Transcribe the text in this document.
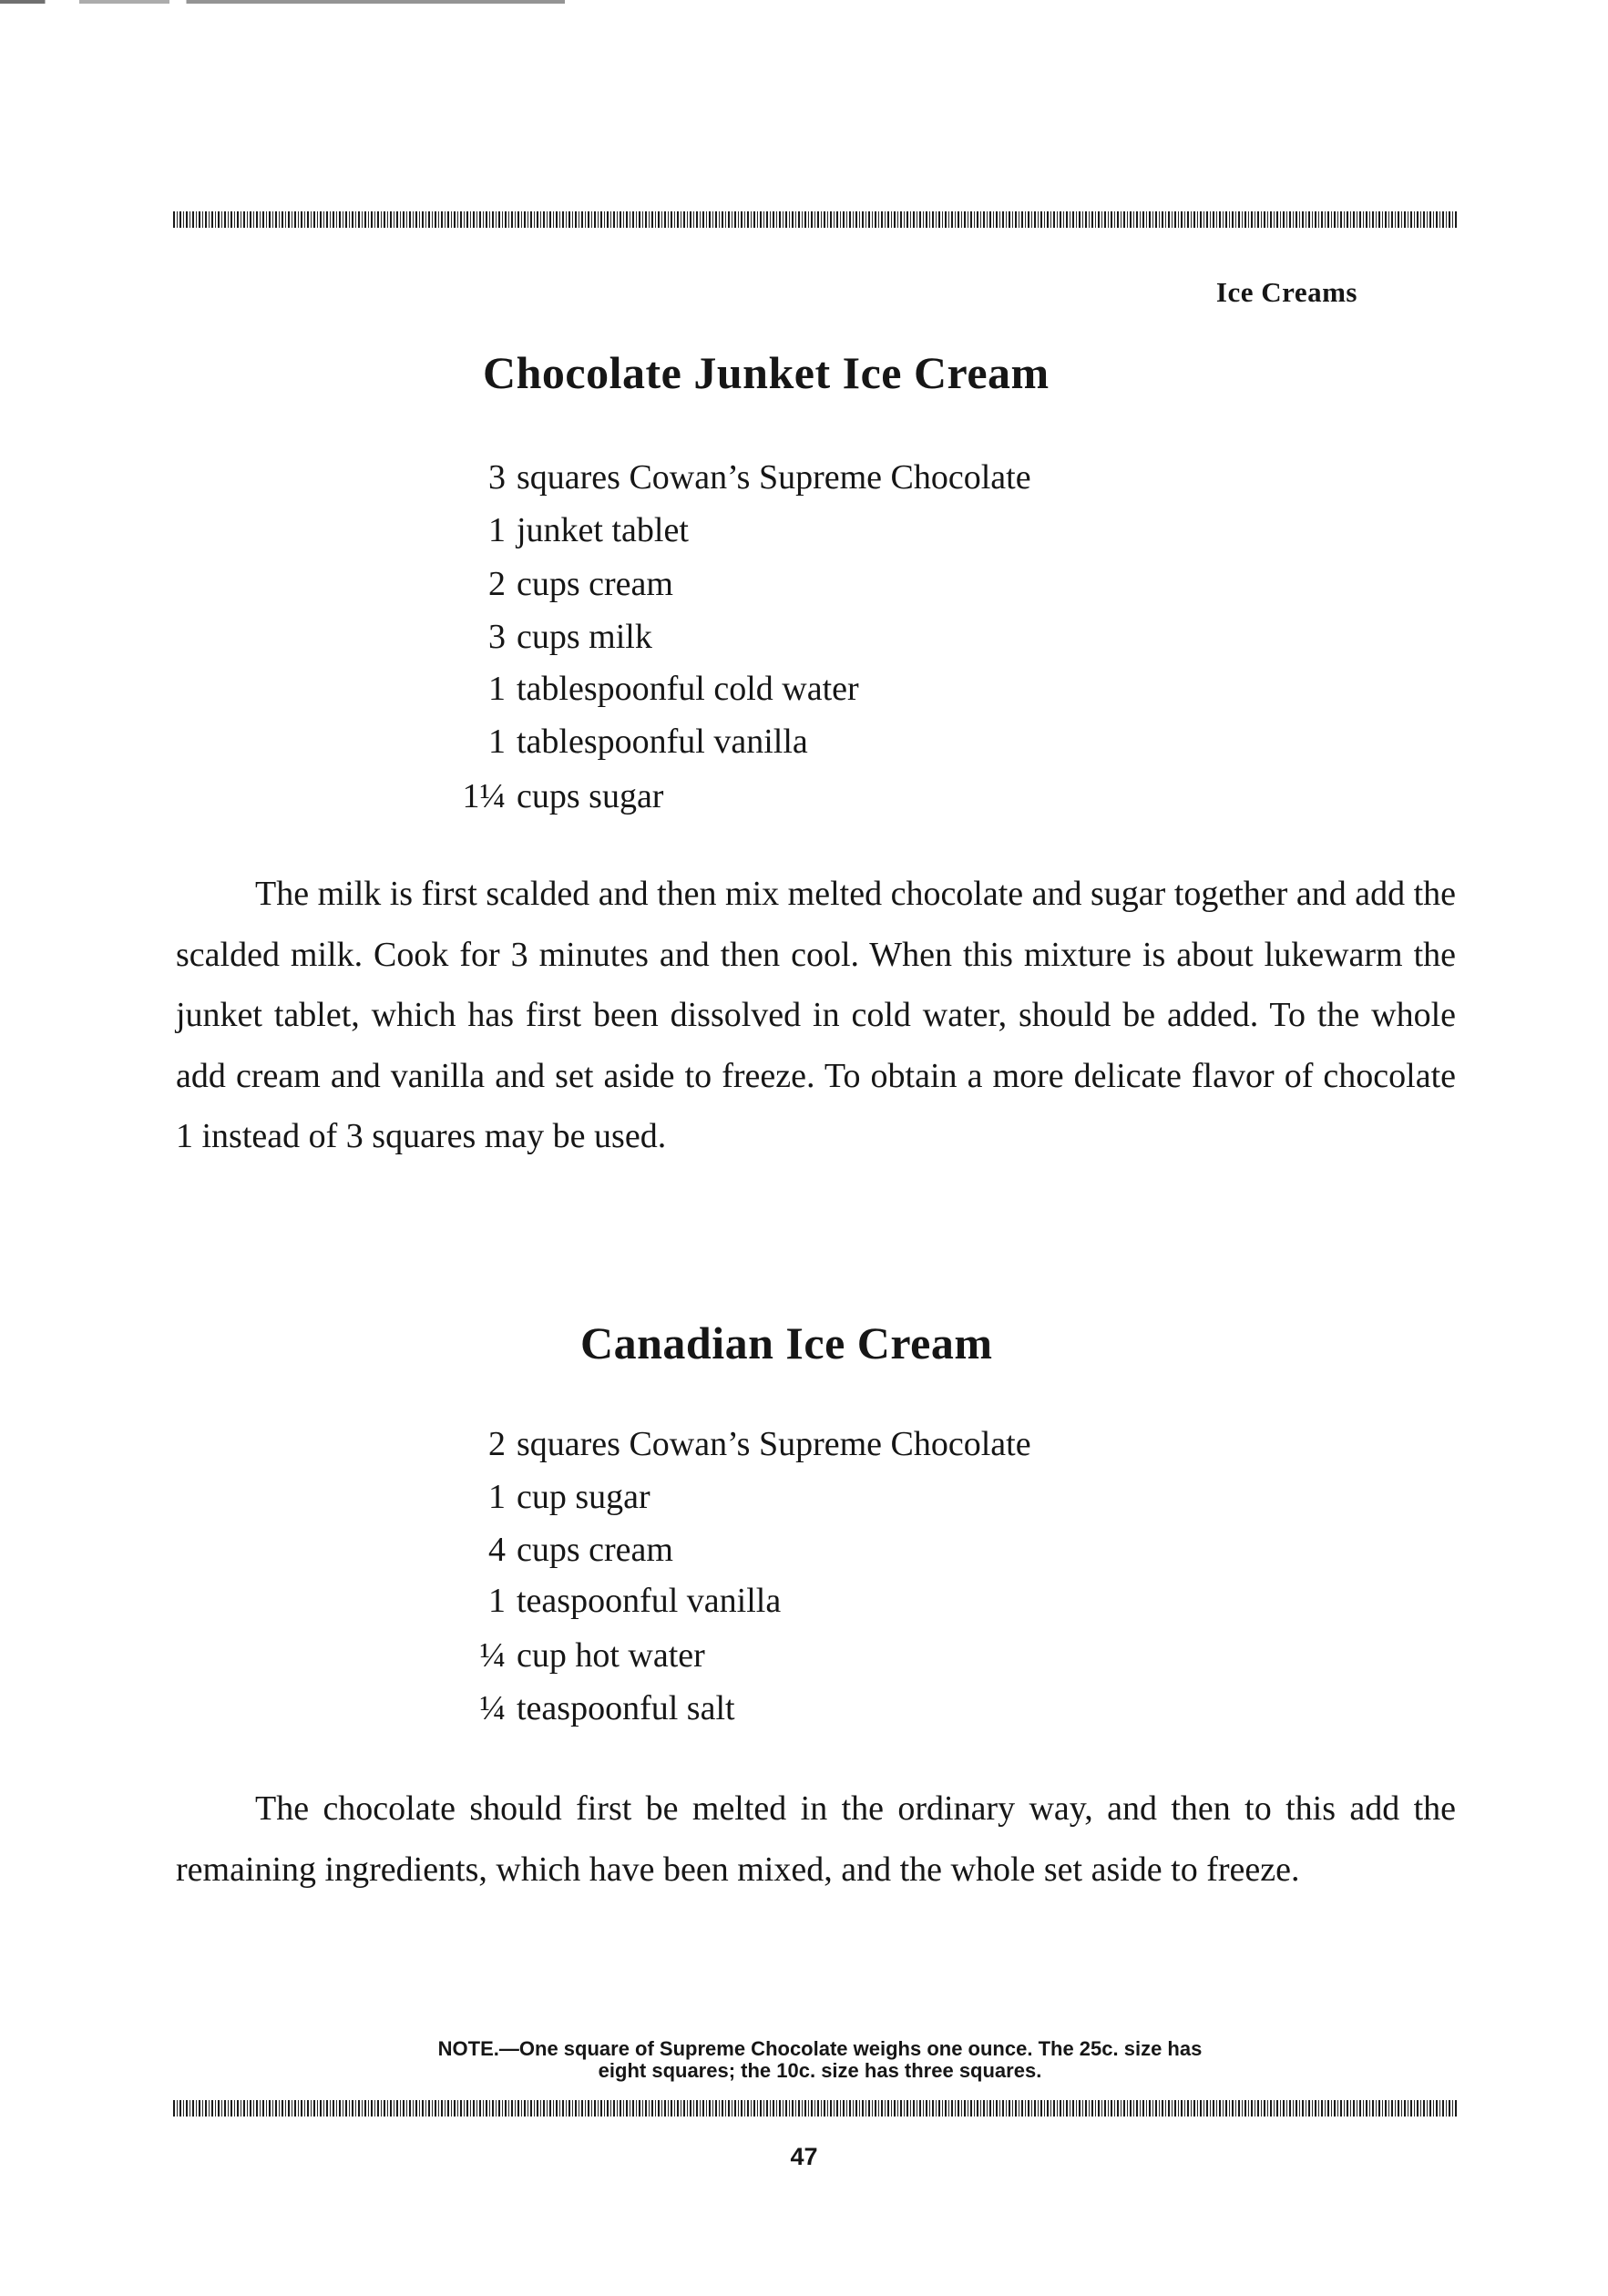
Ice Creams
Chocolate Junket Ice Cream
3 squares Cowan’s Supreme Chocolate
1 junket tablet
2 cups cream
3 cups milk
1 tablespoonful cold water
1 tablespoonful vanilla
1¼ cups sugar

The milk is first scalded and then mix melted chocolate and sugar together and add the scalded milk. Cook for 3 minutes and then cool. When this mixture is about lukewarm the junket tablet, which has first been dissolved in cold water, should be added. To the whole add cream and vanilla and set aside to freeze. To obtain a more delicate flavor of chocolate 1 instead of 3 squares may be used.

Canadian Ice Cream
2 squares Cowan’s Supreme Chocolate
1 cup sugar
4 cups cream
1 teaspoonful vanilla
¼ cup hot water
¼ teaspoonful salt

The chocolate should first be melted in the ordinary way, and then to this add the remaining ingredients, which have been mixed, and the whole set aside to freeze.

NOTE.—One square of Supreme Chocolate weighs one ounce. The 25c. size has
eight squares; the 10c. size has three squares.
47
